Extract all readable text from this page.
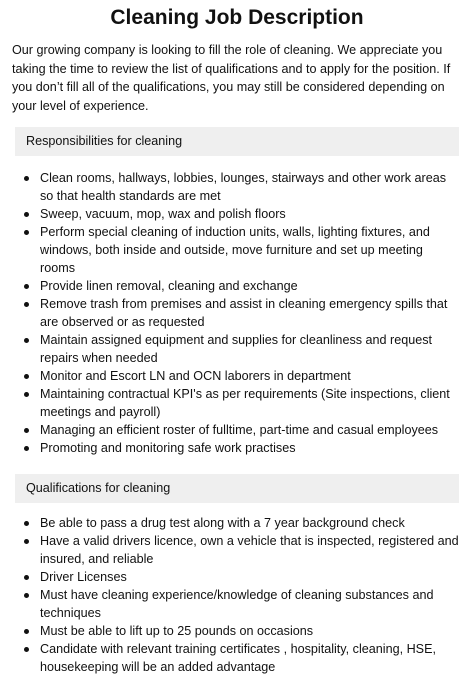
Cleaning Job Description

Our growing company is looking to fill the role of cleaning. We appreciate you taking the time to review the list of qualifications and to apply for the position. If you don’t fill all of the qualifications, you may still be considered depending on your level of experience.

Responsibilities for cleaning
Clean rooms, hallways, lobbies, lounges, stairways and other work areas so that health standards are met
Sweep, vacuum, mop, wax and polish floors
Perform special cleaning of induction units, walls, lighting fixtures, and windows, both inside and outside, move furniture and set up meeting rooms
Provide linen removal, cleaning and exchange
Remove trash from premises and assist in cleaning emergency spills that are observed or as requested
Maintain assigned equipment and supplies for cleanliness and request repairs when needed
Monitor and Escort LN and OCN laborers in department
Maintaining contractual KPI's as per requirements (Site inspections, client meetings and payroll)
Managing an efficient roster of fulltime, part-time and casual employees
Promoting and monitoring safe work practises
Qualifications for cleaning
Be able to pass a drug test along with a 7 year background check
Have a valid drivers licence, own a vehicle that is inspected, registered and insured, and reliable
Driver Licenses
Must have cleaning experience/knowledge of cleaning substances and techniques
Must be able to lift up to 25 pounds on occasions
Candidate with relevant training certificates , hospitality, cleaning, HSE, housekeeping will be an added advantage
